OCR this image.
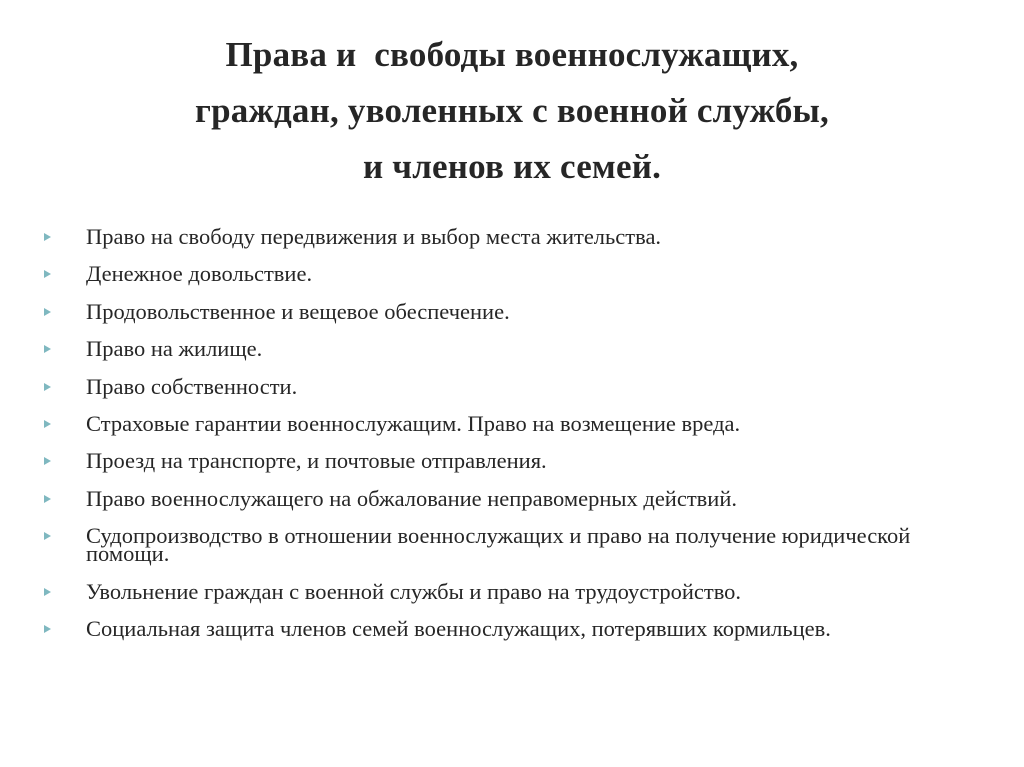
Права и  свободы военнослужащих,
граждан, уволенных с военной службы,
и членов их семей.
Право на свободу передвижения и выбор места жительства.
Денежное довольствие.
Продовольственное и вещевое обеспечение.
Право на жилище.
Право собственности.
Страховые гарантии военнослужащим. Право на возмещение вреда.
Проезд на транспорте, и почтовые отправления.
Право военнослужащего на обжалование неправомерных действий.
Судопроизводство в отношении военнослужащих и право на получение юридической помощи.
Увольнение граждан с военной службы и право на трудоустройство.
Социальная защита членов семей военнослужащих, потерявших кормильцев.
